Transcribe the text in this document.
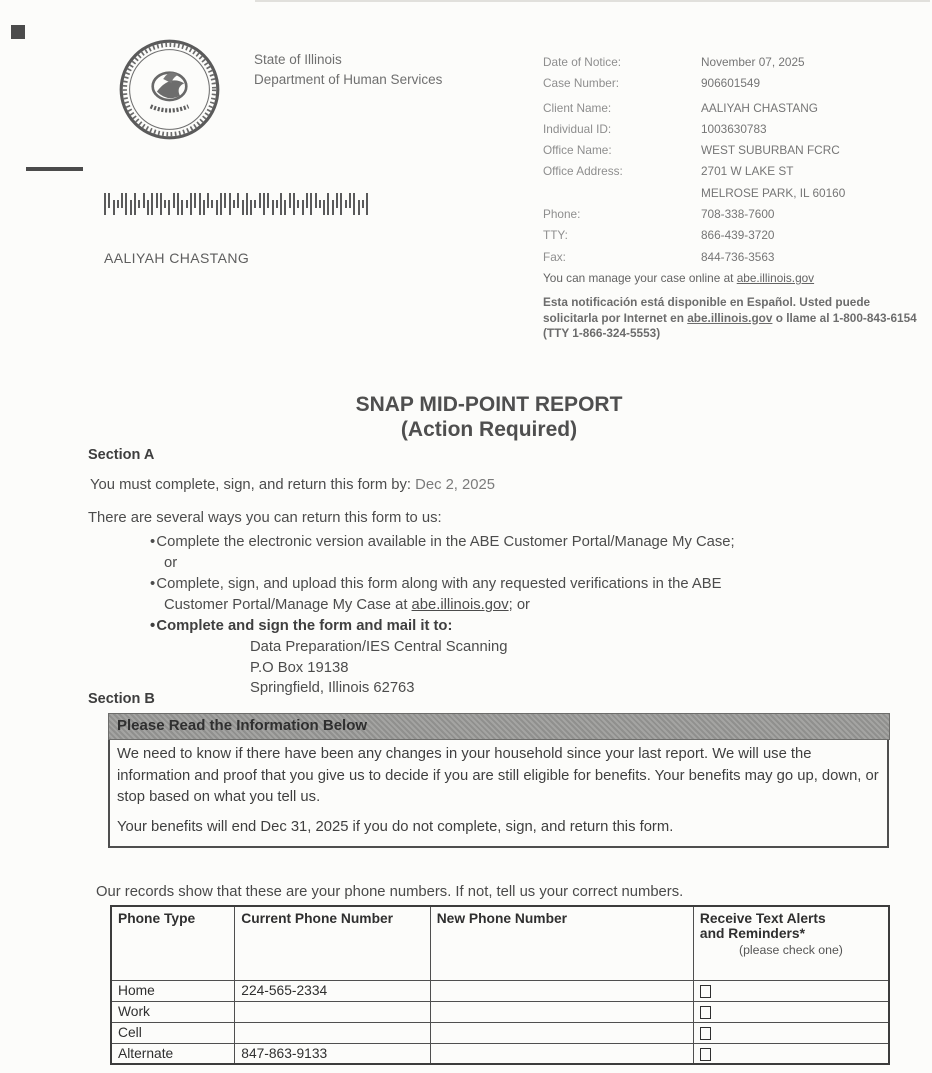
State of Illinois
Department of Human Services
Date of Notice:	November 07, 2025
Case Number:	906601549
Client Name:	AALIYAH CHASTANG
Individual ID:	1003630783
Office Name:	WEST SUBURBAN FCRC
Office Address:	2701 W LAKE ST
MELROSE PARK, IL 60160
Phone:	708-338-7600
TTY:	866-439-3720
Fax:	844-736-3563
AALIYAH CHASTANG
You can manage your case online at abe.illinois.gov
Esta notificación está disponible en Español. Usted puede solicitarla por Internet en abe.illinois.gov o llame al 1-800-843-6154 (TTY 1-866-324-5553)
SNAP MID-POINT REPORT
(Action Required)
Section A
You must complete, sign, and return this form by: Dec 2, 2025
There are several ways you can return this form to us:
• Complete the electronic version available in the ABE Customer Portal/Manage My Case;
or
• Complete, sign, and upload this form along with any requested verifications in the ABE
Customer Portal/Manage My Case at abe.illinois.gov; or
• Complete and sign the form and mail it to:
Data Preparation/IES Central Scanning
P.O Box 19138
Springfield, Illinois 62763
Section B
Please Read the Information Below
We need to know if there have been any changes in your household since your last report. We will use the information and proof that you give us to decide if you are still eligible for benefits. Your benefits may go up, down, or stop based on what you tell us.
Your benefits will end Dec 31, 2025 if you do not complete, sign, and return this form.
Our records show that these are your phone numbers. If not, tell us your correct numbers.
Phone Type	Current Phone Number	New Phone Number	Receive Text Alerts
and Reminders*
(please check one)

Home	224-565-2334		
Work			
Cell			
Alternate	847-863-9133		
